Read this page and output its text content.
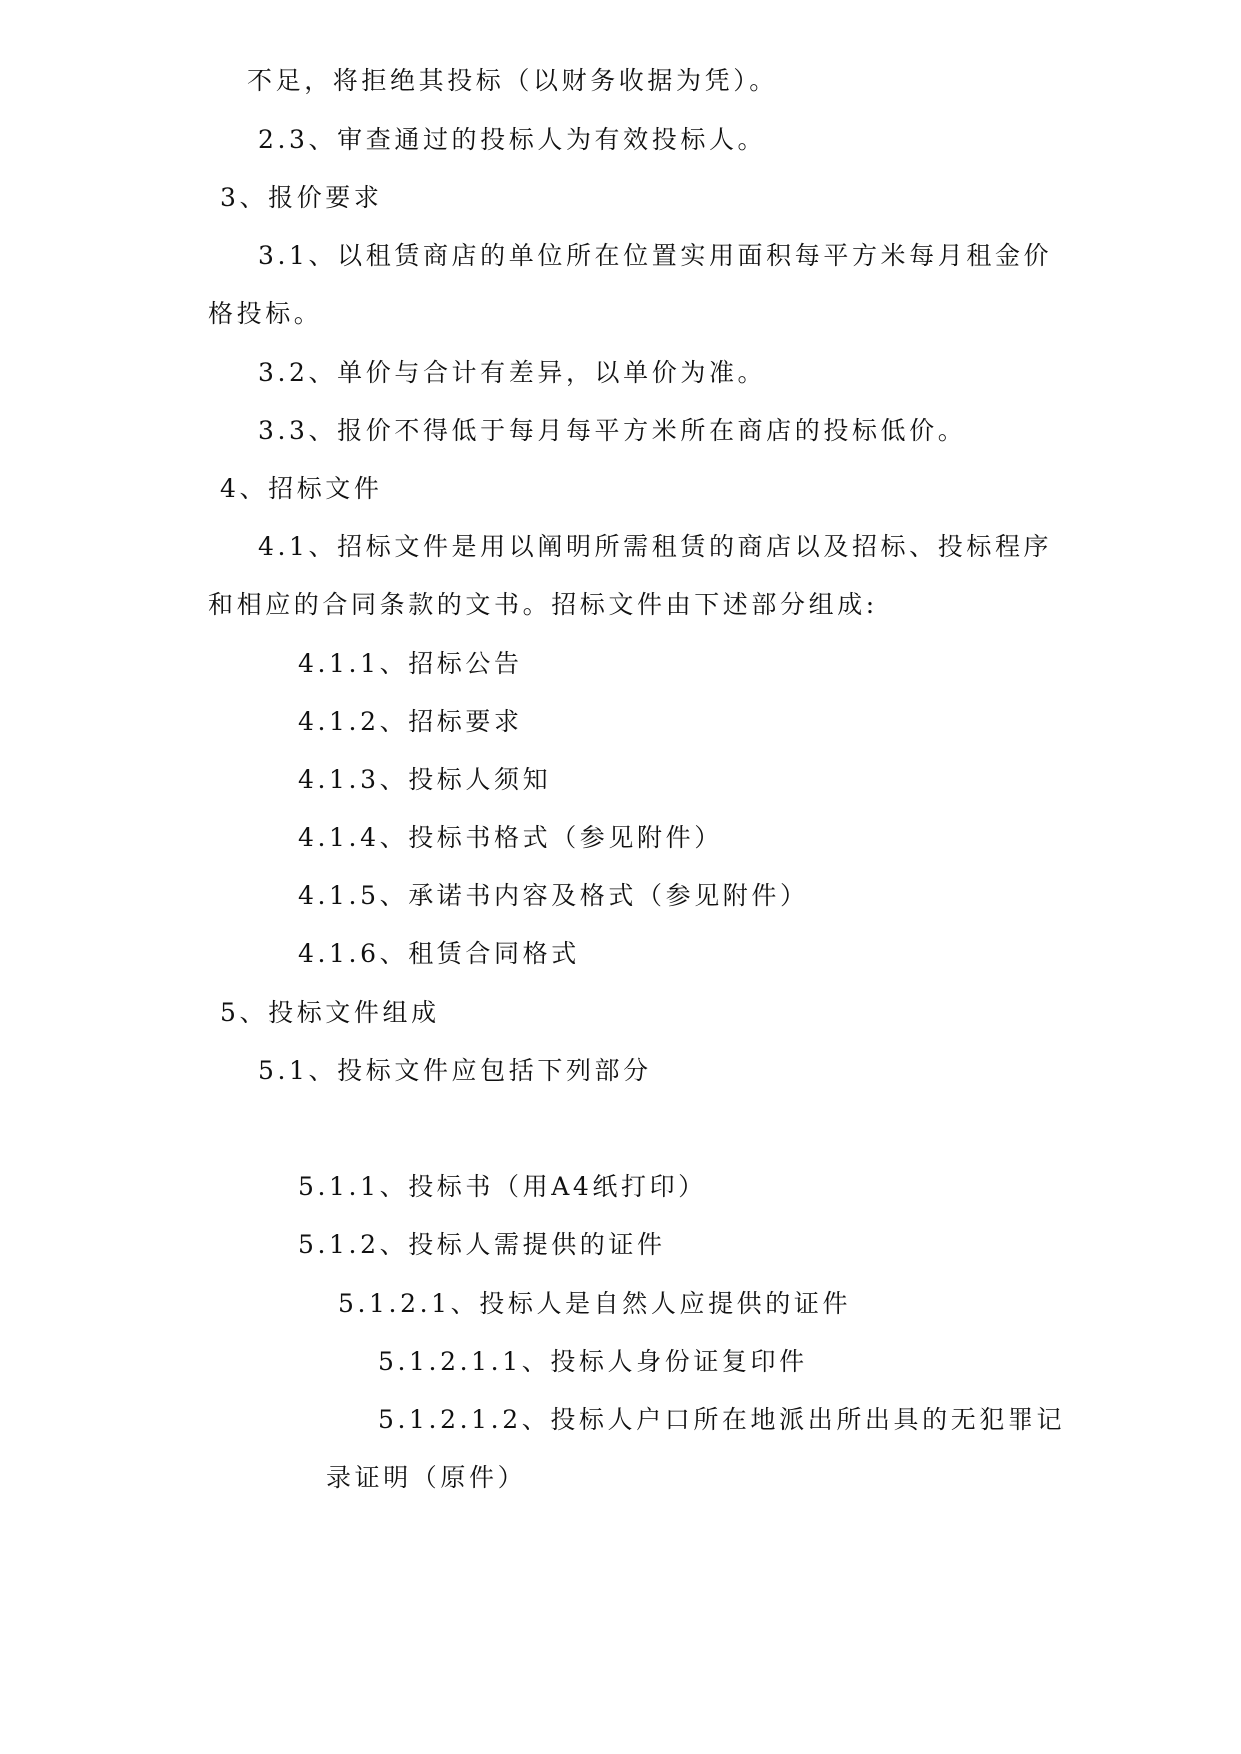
不足，将拒绝其投标（以财务收据为凭）。
2.3、审查通过的投标人为有效投标人。
3、报价要求
3.1、以租赁商店的单位所在位置实用面积每平方米每月租金价
格投标。
3.2、单价与合计有差异，以单价为准。
3.3、报价不得低于每月每平方米所在商店的投标低价。
4、招标文件
4.1、招标文件是用以阐明所需租赁的商店以及招标、投标程序
和相应的合同条款的文书。招标文件由下述部分组成:
4.1.1、招标公告
4.1.2、招标要求
4.1.3、投标人须知
4.1.4、投标书格式（参见附件）
4.1.5、承诺书内容及格式（参见附件）
4.1.6、租赁合同格式
5、投标文件组成
5.1、投标文件应包括下列部分
5.1.1、投标书（用A4纸打印）
5.1.2、投标人需提供的证件
5.1.2.1、投标人是自然人应提供的证件
5.1.2.1.1、投标人身份证复印件
5.1.2.1.2、投标人户口所在地派出所出具的无犯罪记
录证明（原件）
